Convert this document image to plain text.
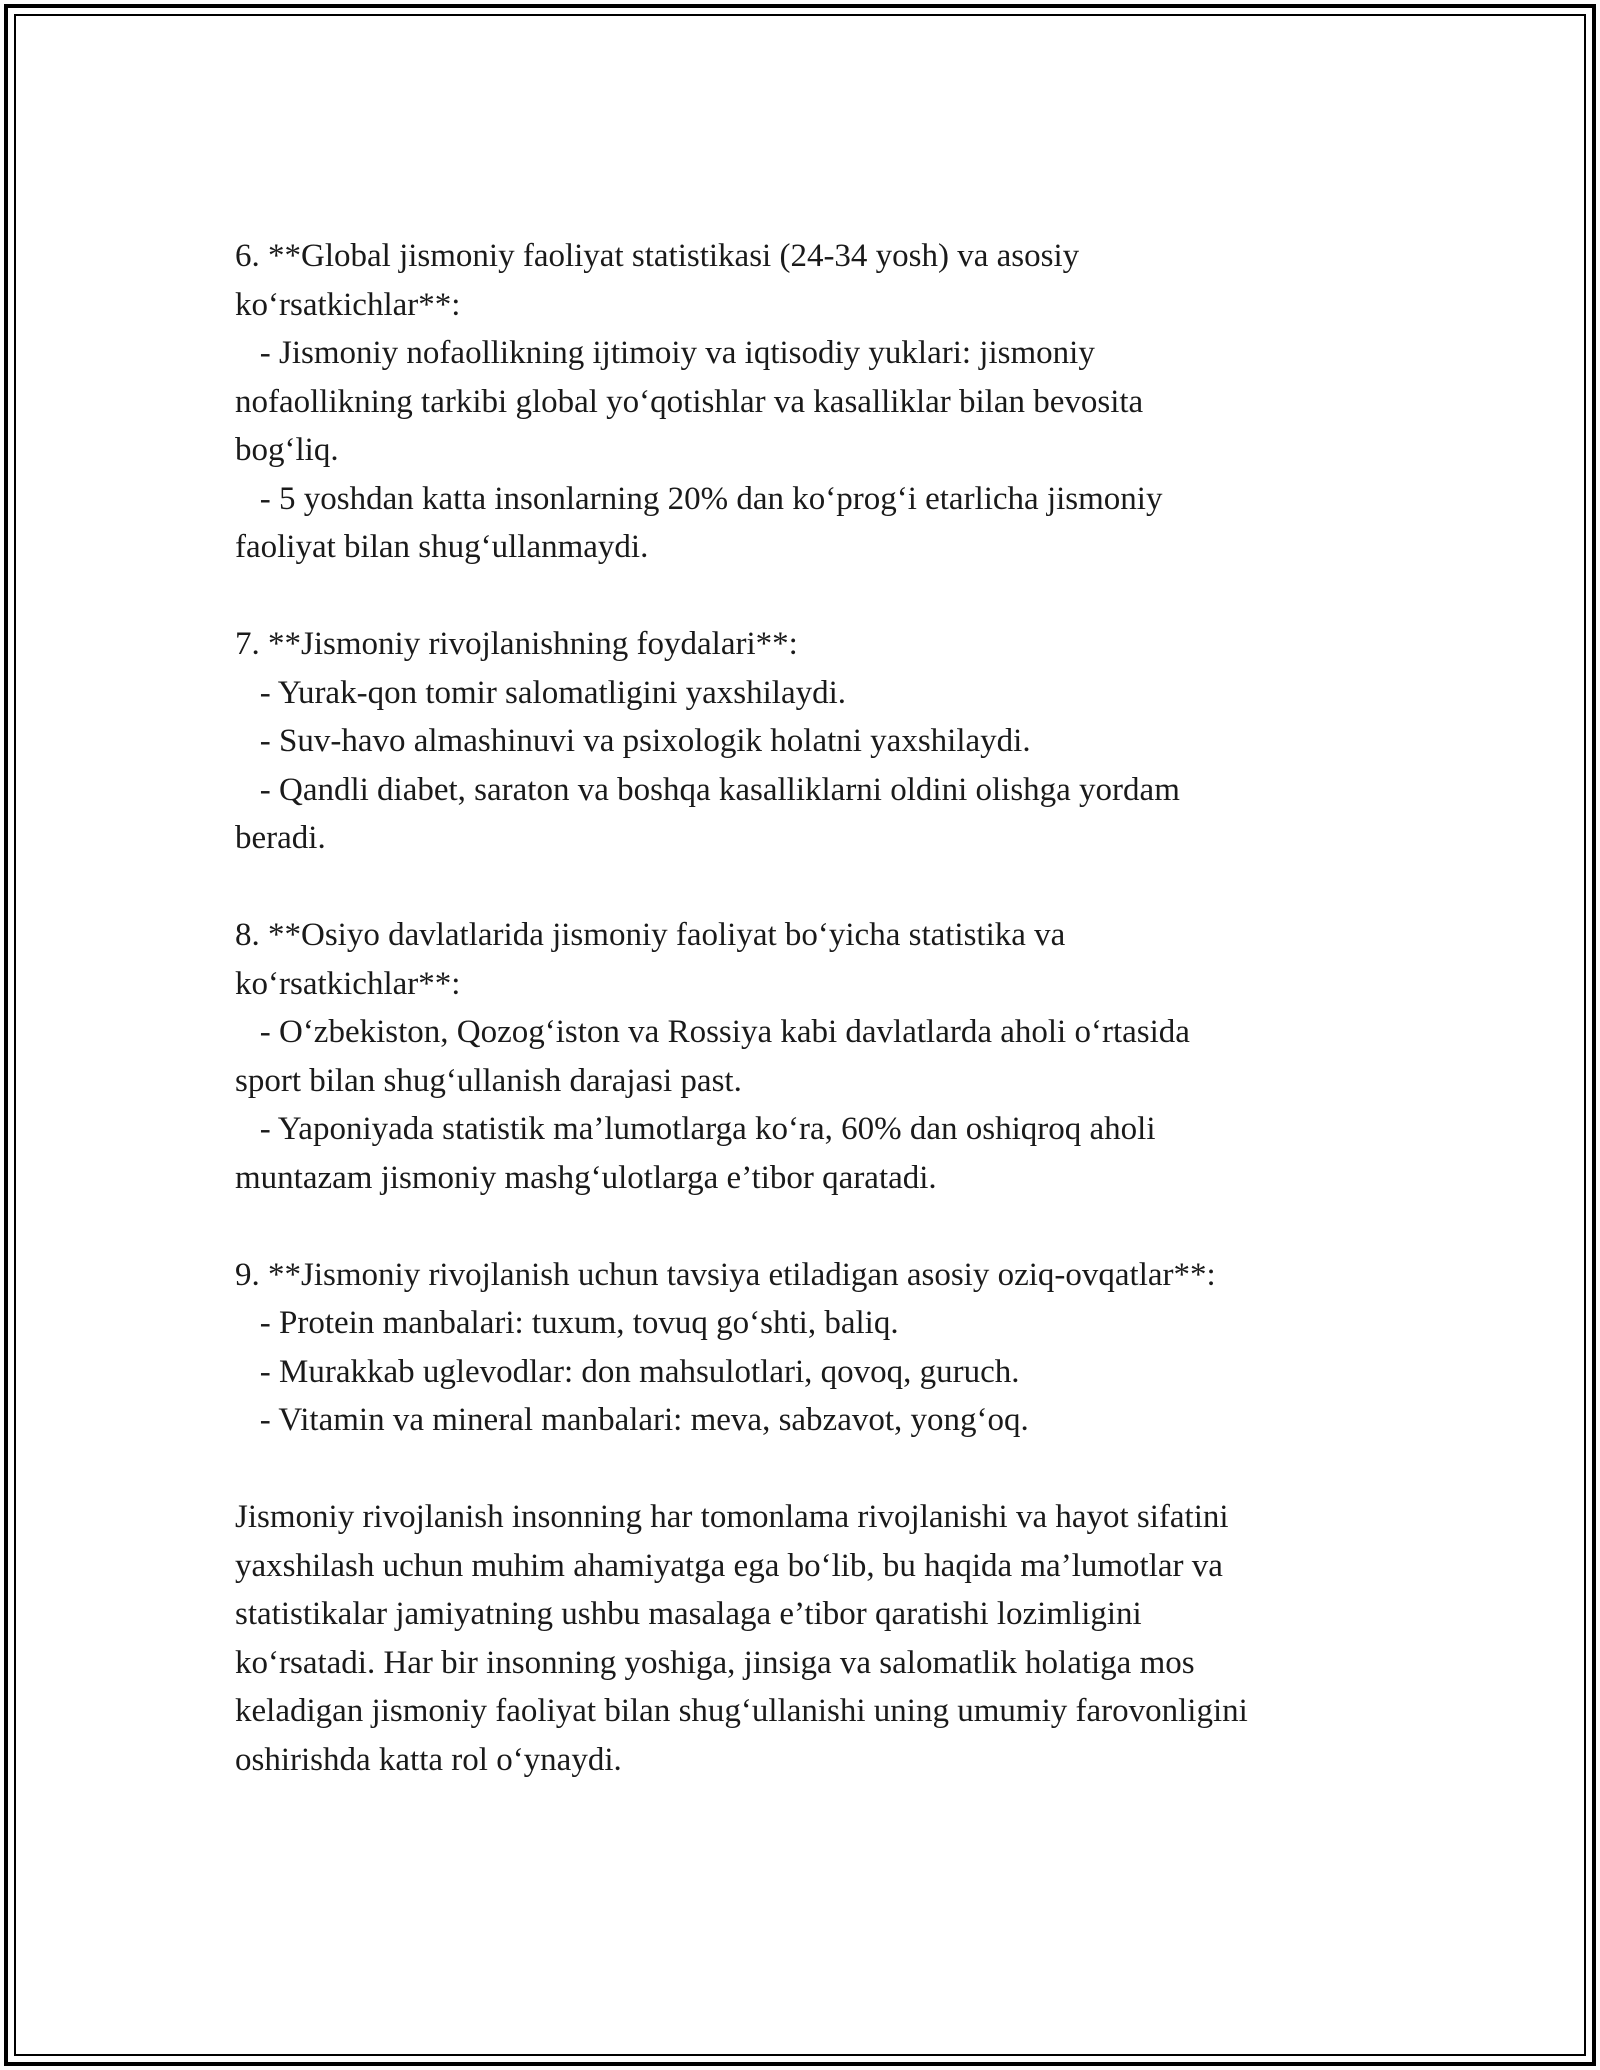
6. **Global jismoniy faoliyat statistikasi (24-34 yosh) va asosiy
ko‘rsatkichlar**:
- Jismoniy nofaollikning ijtimoiy va iqtisodiy yuklari: jismoniy
nofaollikning tarkibi global yo‘qotishlar va kasalliklar bilan bevosita
bog‘liq.
- 5 yoshdan katta insonlarning 20% dan ko‘prog‘i etarlicha jismoniy
faoliyat bilan shug‘ullanmaydi.
7. **Jismoniy rivojlanishning foydalari**:
- Yurak-qon tomir salomatligini yaxshilaydi.
- Suv-havo almashinuvi va psixologik holatni yaxshilaydi.
- Qandli diabet, saraton va boshqa kasalliklarni oldini olishga yordam
beradi.
8. **Osiyo davlatlarida jismoniy faoliyat bo‘yicha statistika va
ko‘rsatkichlar**:
- O‘zbekiston, Qozog‘iston va Rossiya kabi davlatlarda aholi o‘rtasida
sport bilan shug‘ullanish darajasi past.
- Yaponiyada statistik ma’lumotlarga ko‘ra, 60% dan oshiqroq aholi
muntazam jismoniy mashg‘ulotlarga e’tibor qaratadi.
9. **Jismoniy rivojlanish uchun tavsiya etiladigan asosiy oziq-ovqatlar**:
- Protein manbalari: tuxum, tovuq go‘shti, baliq.
- Murakkab uglevodlar: don mahsulotlari, qovoq, guruch.
- Vitamin va mineral manbalari: meva, sabzavot, yong‘oq.
Jismoniy rivojlanish insonning har tomonlama rivojlanishi va hayot sifatini
yaxshilash uchun muhim ahamiyatga ega bo‘lib, bu haqida ma’lumotlar va
statistikalar jamiyatning ushbu masalaga e’tibor qaratishi lozimligini
ko‘rsatadi. Har bir insonning yoshiga, jinsiga va salomatlik holatiga mos
keladigan jismoniy faoliyat bilan shug‘ullanishi uning umumiy farovonligini
oshirishda katta rol o‘ynaydi.
